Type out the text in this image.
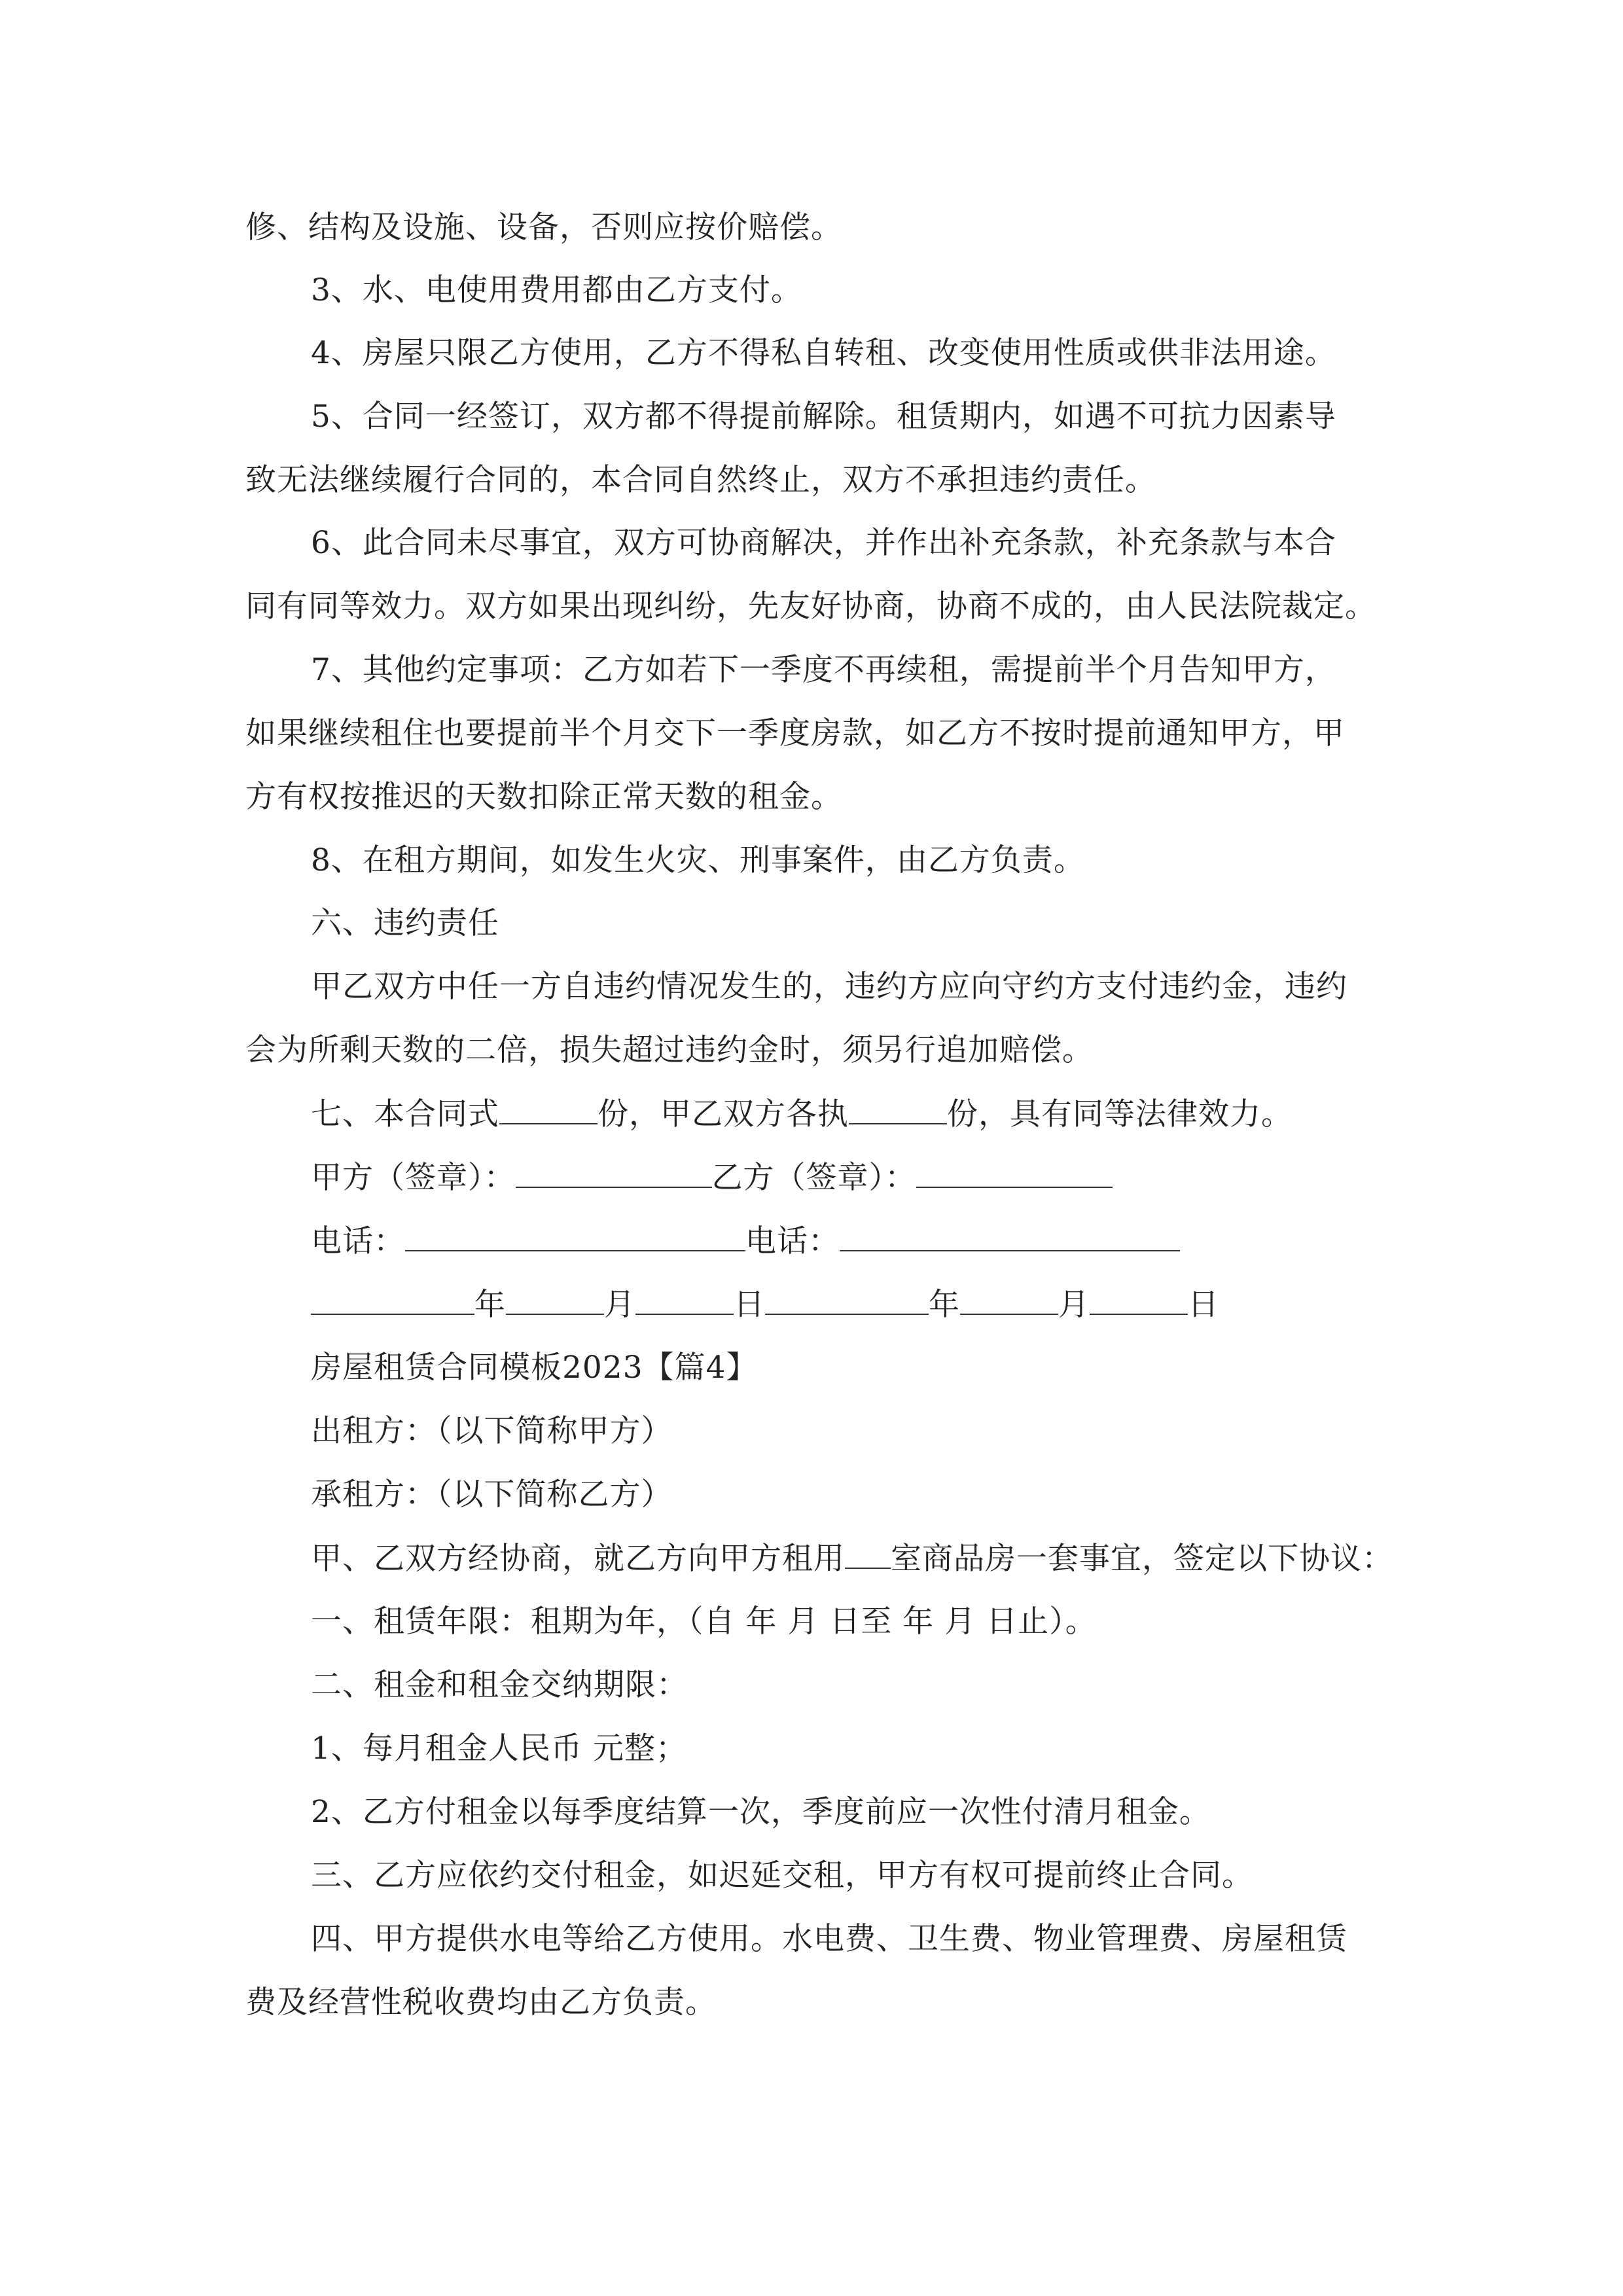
修、结构及设施、设备，否则应按价赔偿。
3、水、电使用费用都由乙方支付。
4、房屋只限乙方使用，乙方不得私自转租、改变使用性质或供非法用途。
5、合同一经签订，双方都不得提前解除。租赁期内，如遇不可抗力因素导
致无法继续履行合同的，本合同自然终止，双方不承担违约责任。
6、此合同未尽事宜，双方可协商解决，并作出补充条款，补充条款与本合
同有同等效力。双方如果出现纠纷，先友好协商，协商不成的，由人民法院裁定。
7、其他约定事项：乙方如若下一季度不再续租，需提前半个月告知甲方，
如果继续租住也要提前半个月交下一季度房款，如乙方不按时提前通知甲方，甲
方有权按推迟的天数扣除正常天数的租金。
8、在租方期间，如发生火灾、刑事案件，由乙方负责。
六、违约责任
甲乙双方中任一方自违约情况发生的，违约方应向守约方支付违约金，违约
会为所剩天数的二倍，损失超过违约金时，须另行追加赔偿。
七、本合同式	份，甲乙双方各执	份，具有同等法律效力。
甲方（签章）：	乙方（签章）：
电话：	电话：
年	月	日	年	月	日
房屋租赁合同模板2023【篇4】
出租方：（以下简称甲方）
承租方：（以下简称乙方）
甲、乙双方经协商，就乙方向甲方租用 室商品房一套事宜，签定以下协议：
一、租赁年限：租期为年，（自 年 月 日至 年 月 日止）。
二、租金和租金交纳期限：
1、每月租金人民币 元整；
2、乙方付租金以每季度结算一次，季度前应一次性付清月租金。
三、乙方应依约交付租金，如迟延交租，甲方有权可提前终止合同。
四、甲方提供水电等给乙方使用。水电费、卫生费、物业管理费、房屋租赁
费及经营性税收费均由乙方负责。
